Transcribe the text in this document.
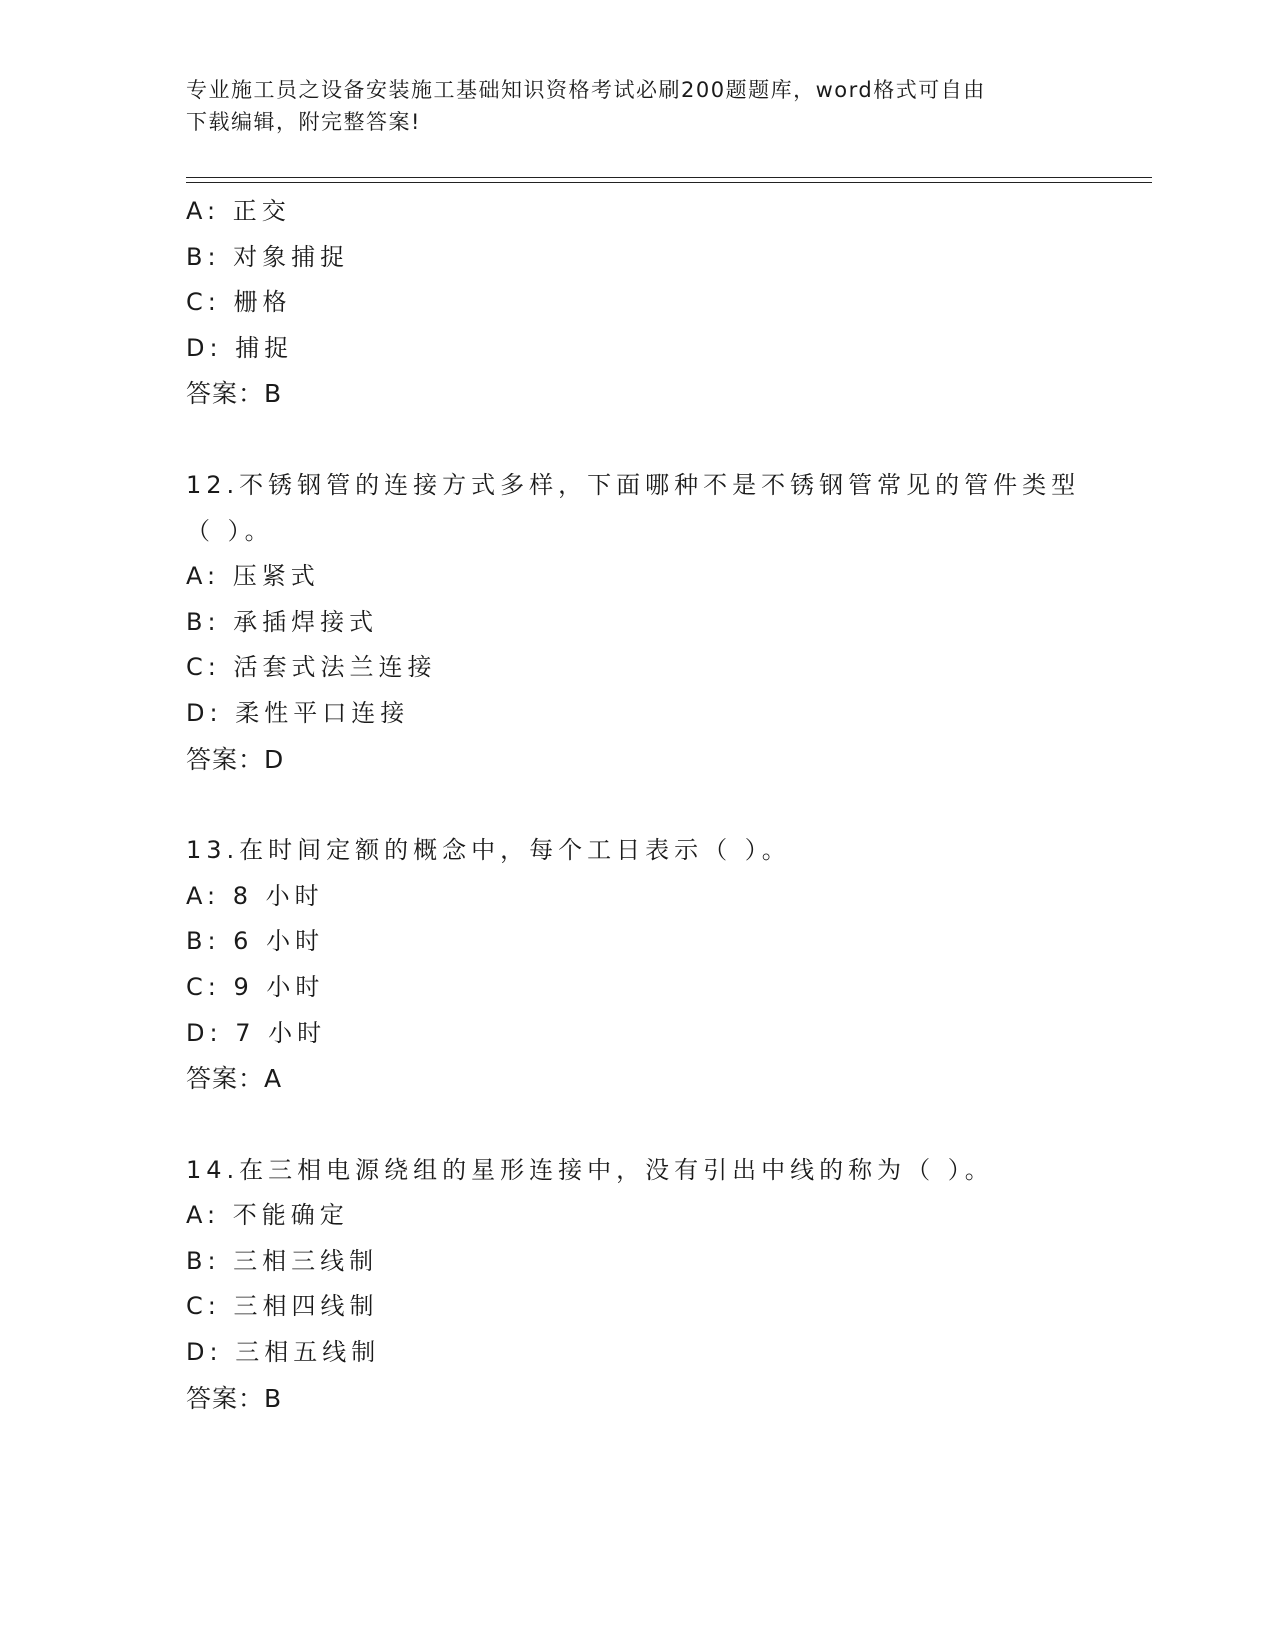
专业施工员之设备安装施工基础知识资格考试必刷200题题库，word格式可自由
下载编辑，附完整答案!
A: 正交
B: 对象捕捉
C: 栅格
D: 捕捉
答案：B
12.不锈钢管的连接方式多样，下面哪种不是不锈钢管常见的管件类型
（ ）。
A: 压紧式
B: 承插焊接式
C: 活套式法兰连接
D: 柔性平口连接
答案：D
13.在时间定额的概念中，每个工日表示（ ）。
A: 8 小时
B: 6 小时
C: 9 小时
D: 7 小时
答案：A
14.在三相电源绕组的星形连接中，没有引出中线的称为（ ）。
A: 不能确定
B: 三相三线制
C: 三相四线制
D: 三相五线制
答案：B
